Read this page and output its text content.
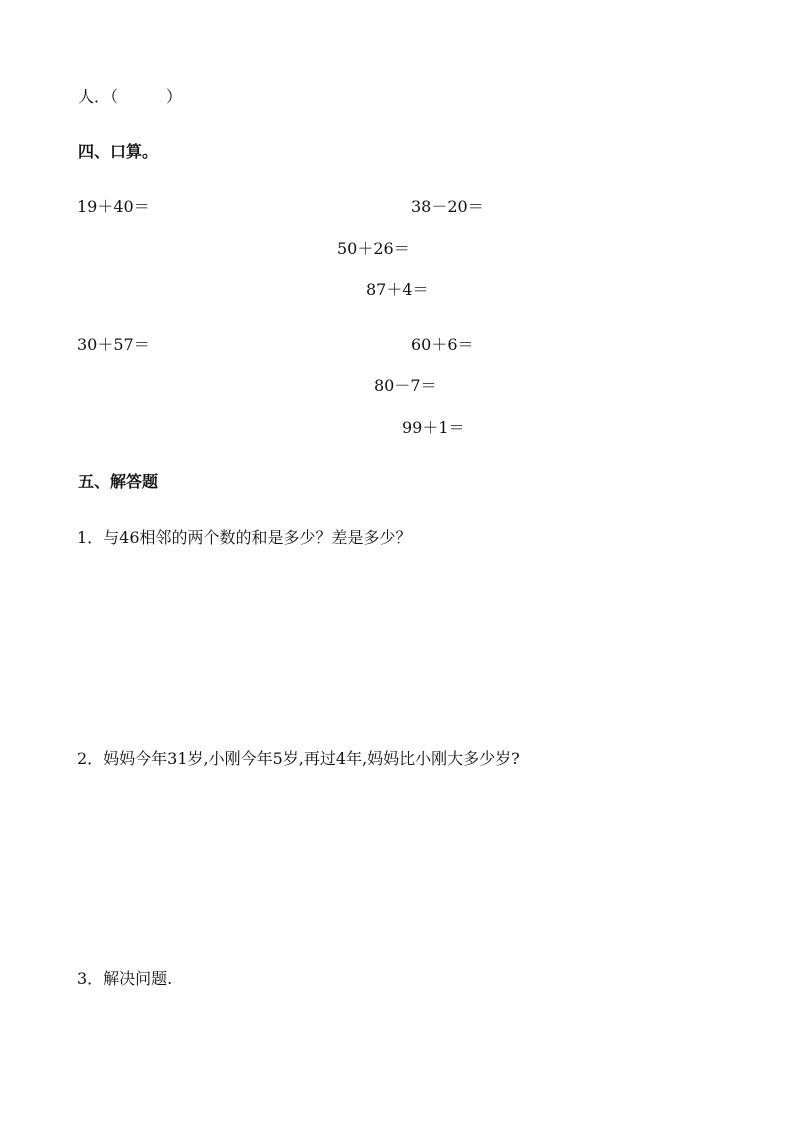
人．（　　　）
四、口算。
19＋40＝	38－20＝
50＋26＝
87＋4＝
30＋57＝	60＋6＝
80－7＝
99＋1＝
五、解答题
1．与46相邻的两个数的和是多少？差是多少？
2．妈妈今年31岁,小刚今年5岁,再过4年,妈妈比小刚大多少岁?
3．解决问题.
